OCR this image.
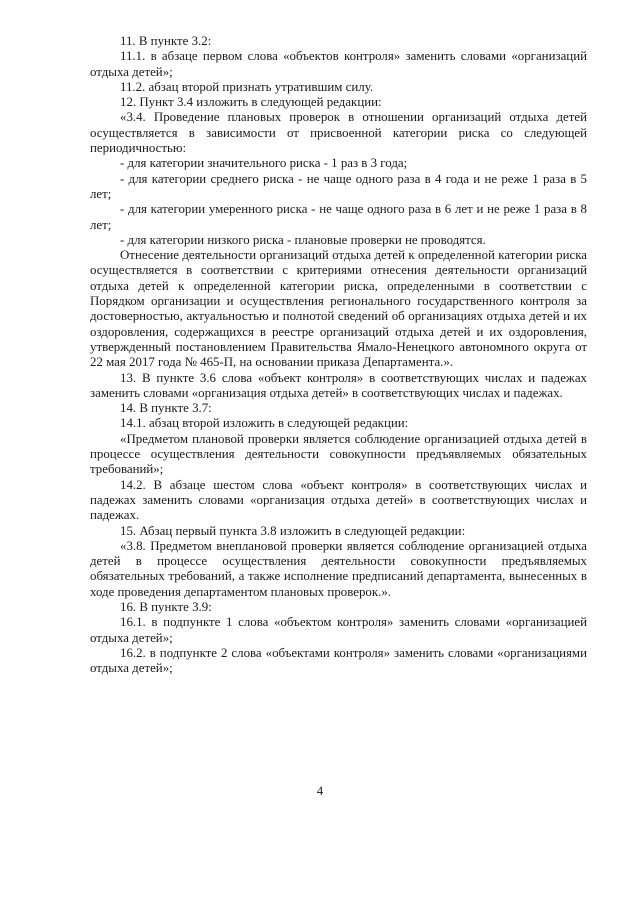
11. В пункте 3.2:

11.1. в абзаце первом слова «объектов контроля» заменить словами «организаций отдыха детей»;

11.2. абзац второй признать утратившим силу.

12. Пункт 3.4 изложить в следующей редакции:

«3.4. Проведение плановых проверок в отношении организаций отдыха детей осуществляется в зависимости от присвоенной категории риска со следующей периодичностью:

- для категории значительного риска - 1 раз в 3 года;

- для категории среднего риска - не чаще одного раза в 4 года и не реже 1 раза в 5 лет;

- для категории умеренного риска - не чаще одного раза в 6 лет и не реже 1 раза в 8 лет;

- для категории низкого риска - плановые проверки не проводятся.

Отнесение деятельности организаций отдыха детей к определенной категории риска осуществляется в соответствии с критериями отнесения деятельности организаций отдыха детей к определенной категории риска, определенными в соответствии с Порядком организации и осуществления регионального государственного контроля за достоверностью, актуальностью и полнотой сведений об организациях отдыха детей и их оздоровления, содержащихся в реестре организаций отдыха детей и их оздоровления, утвержденный постановлением Правительства Ямало-Ненецкого автономного округа от 22 мая 2017 года № 465-П, на основании приказа Департамента.».

13. В пункте 3.6 слова «объект контроля» в соответствующих числах и падежах заменить словами «организация отдыха детей» в соответствующих числах и падежах.

14. В пункте 3.7:

14.1. абзац второй изложить в следующей редакции:

«Предметом плановой проверки является соблюдение организацией отдыха детей в процессе осуществления деятельности совокупности предъявляемых обязательных требований»;

14.2. В абзаце шестом слова «объект контроля» в соответствующих числах и падежах заменить словами «организация отдыха детей» в соответствующих числах и падежах.

15. Абзац первый пункта 3.8 изложить в следующей редакции:

«3.8. Предметом внеплановой проверки является соблюдение организацией отдыха детей в процессе осуществления деятельности совокупности предъявляемых обязательных требований, а также исполнение предписаний департамента, вынесенных в ходе проведения департаментом плановых проверок.».

16. В пункте 3.9:

16.1. в подпункте 1 слова «объектом контроля» заменить словами «организацией отдыха детей»;

16.2. в подпункте 2 слова «объектами контроля» заменить словами «организациями отдыха детей»;

4
